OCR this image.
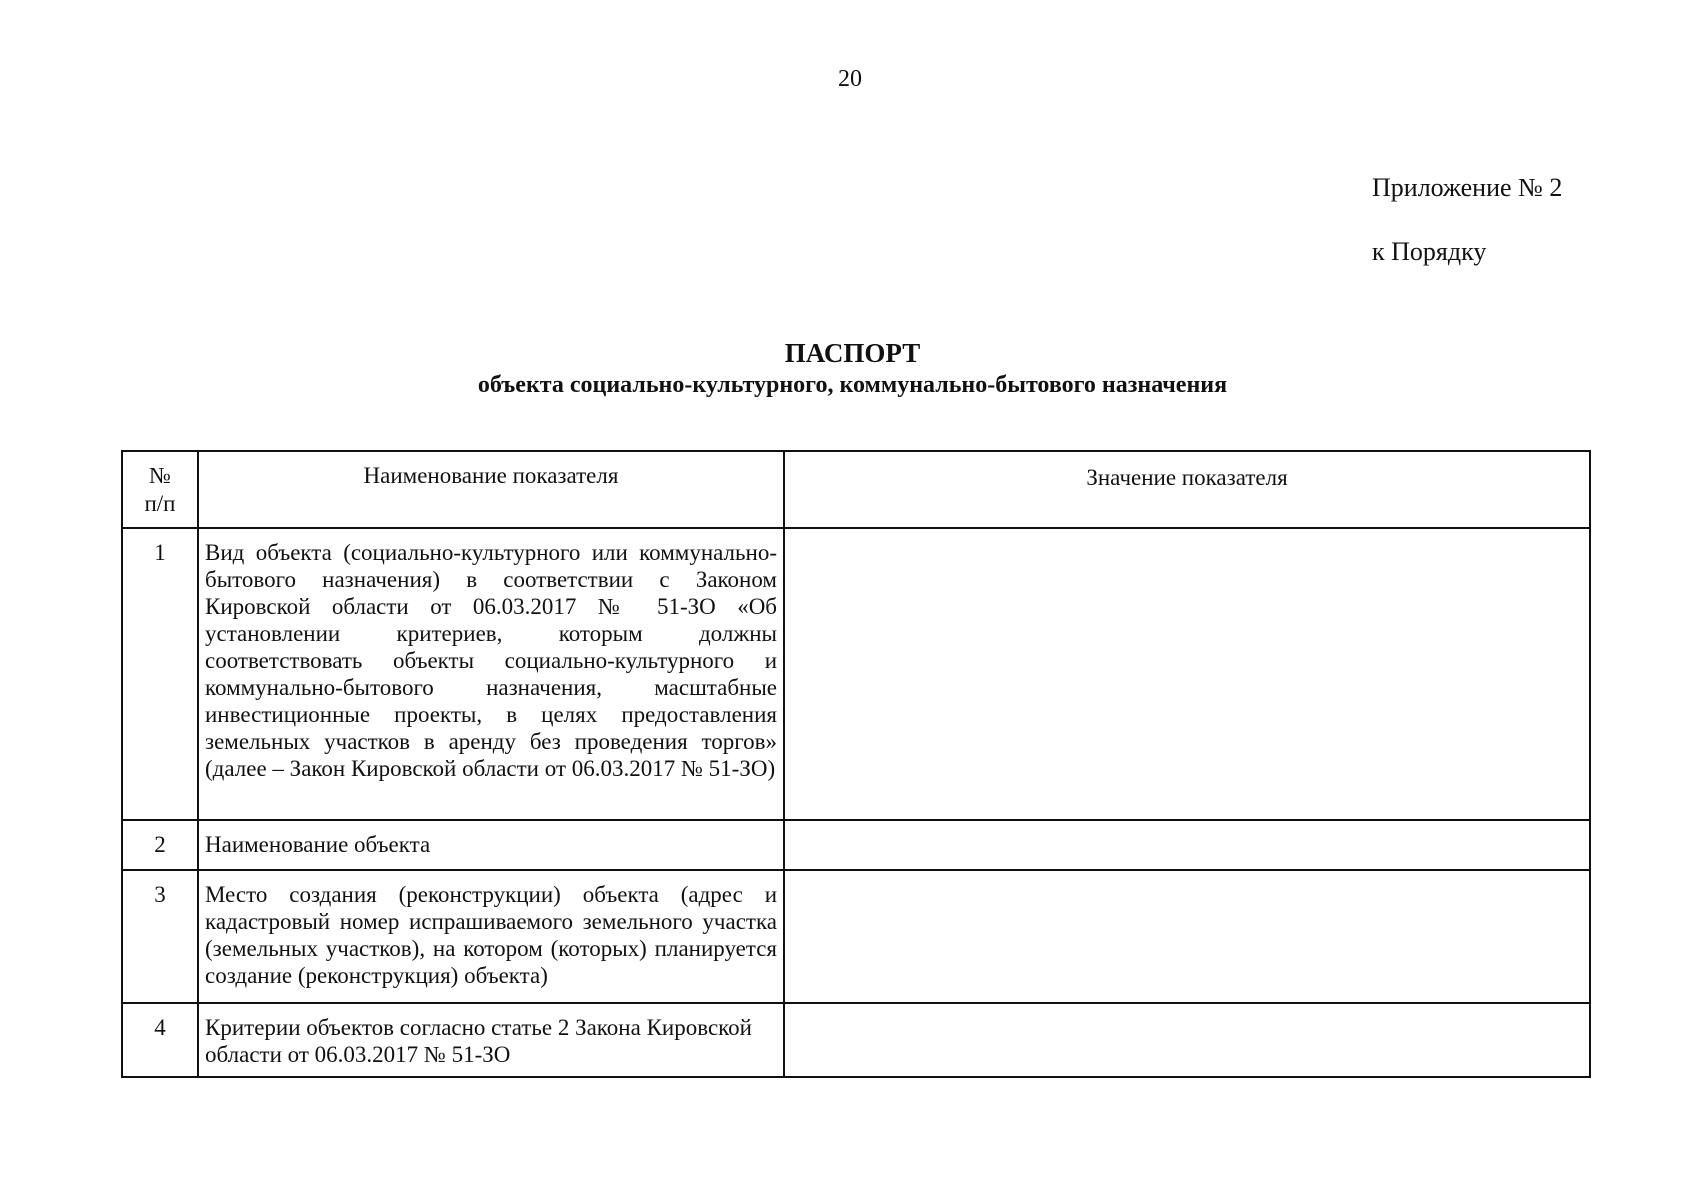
20
Приложение № 2
к Порядку
ПАСПОРТ
объекта социально-культурного, коммунально-бытового назначения
№
п/п	Наименование показателя	Значение показателя

1	Вид объекта (социально-культурного или коммунально-бытового назначения) в соответствии с Законом Кировской области от 06.03.2017 № 51-ЗО «Об установлении критериев, которым должны соответствовать объекты социально-культурного и коммунально-бытового назначения, масштабные инвестиционные проекты, в целях предоставления земельных участков в аренду без проведения торгов» (далее – Закон Кировской области от 06.03.2017 № 51-ЗО)	
2	Наименование объекта	
3	Место создания (реконструкции) объекта (адрес и кадастровый номер испрашиваемого земельного участка (земельных участков), на котором (которых) планируется создание (реконструкция) объекта)	
4	Критерии объектов согласно статье 2 Закона Кировской области от 06.03.2017 № 51-ЗО	
